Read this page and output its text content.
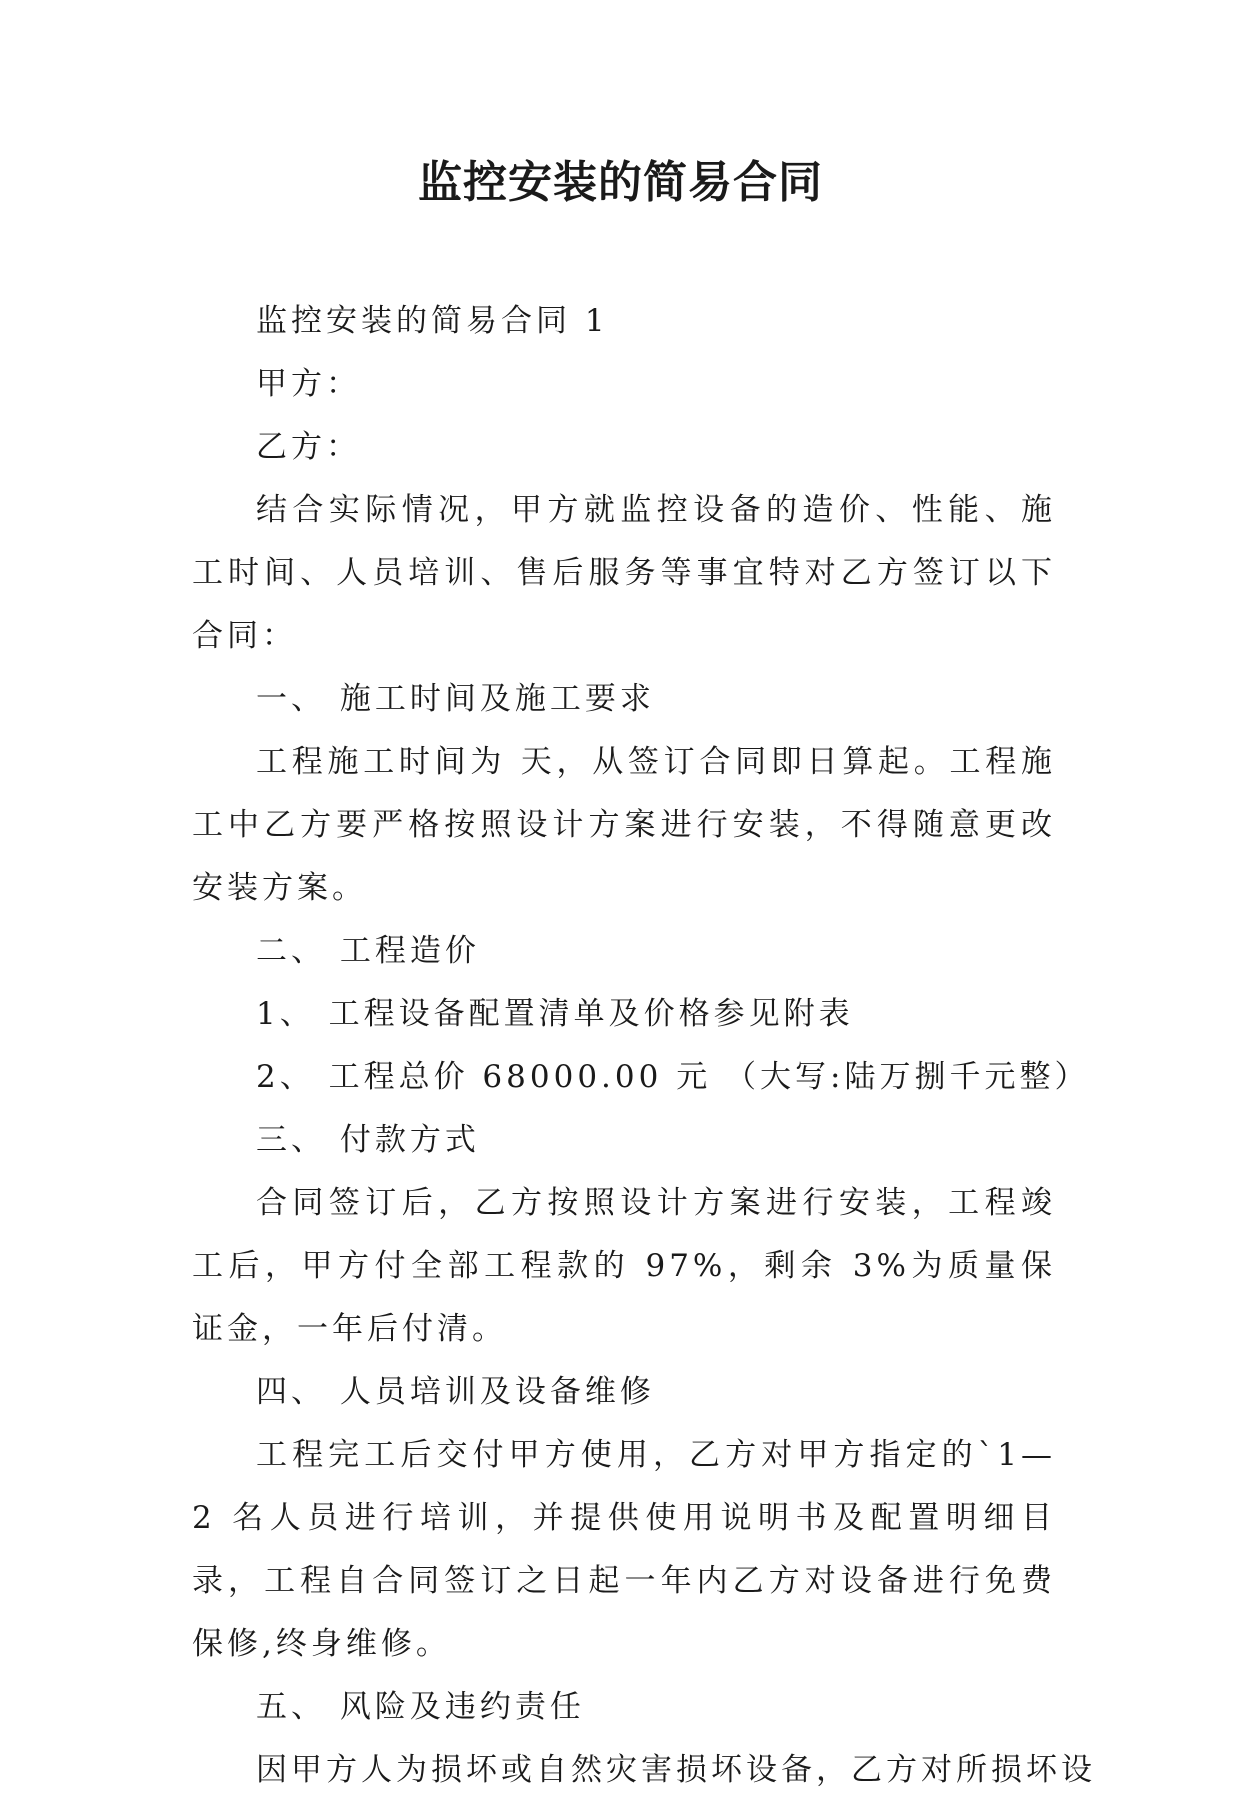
监控安装的简易合同

监控安装的简易合同 1

甲方：

乙方：

结合实际情况，甲方就监控设备的造价、性能、施工时间、人员培训、售后服务等事宜特对乙方签订以下合同：

一、 施工时间及施工要求

工程施工时间为 天，从签订合同即日算起。工程施工中乙方要严格按照设计方案进行安装，不得随意更改安装方案。

二、 工程造价

1、 工程设备配置清单及价格参见附表

2、 工程总价 68000.00 元 （大写:陆万捌千元整）

三、 付款方式

合同签订后，乙方按照设计方案进行安装，工程竣工后，甲方付全部工程款的 97%，剩余 3%为质量保证金，一年后付清。

四、 人员培训及设备维修

工程完工后交付甲方使用，乙方对甲方指定的`1—2 名人员进行培训，并提供使用说明书及配置明细目录，工程自合同签订之日起一年内乙方对设备进行免费保修,终身维修。

五、 风险及违约责任

因甲方人为损坏或自然灾害损坏设备，乙方对所损坏设
